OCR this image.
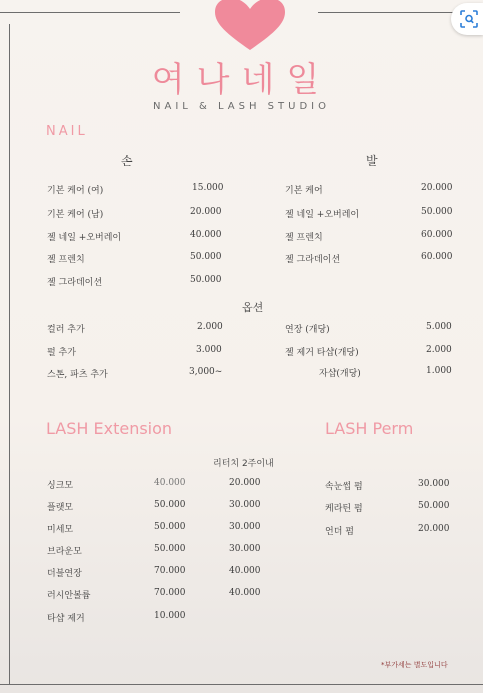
여나네일
NAIL & LASH STUDIO
NAIL
손	발
기본 케어 (여)	15.000
기본 케어 (남)	20.000
젤 네일 +오버레이	40.000
젤 프렌치	50.000
젤 그라데이션	50.000
기본 케어	20.000
젤 네일 +오버레이	50.000
젤 프렌치	60.000
젤 그라데이션	60.000
옵션
컬러 추가	2.000
펄 추가	3.000
스톤, 파츠 추가	3,000~
연장 (개당)	5.000
젤 제거 타샵(개당)	2.000
자샵(개당)	1.000
LASH Extension	LASH Perm
리터치 2주이내
싱크모	40.000	20.000
플랫모	50.000	30.000
미세모	50.000	30.000
브라운모	50.000	30.000
더블연장	70.000	40.000
러시안볼륨	70.000	40.000
타샵 제거	10.000
속눈썹 펌	30.000
케라틴 펌	50.000
언더 펌	20.000
*부가세는 별도입니다
